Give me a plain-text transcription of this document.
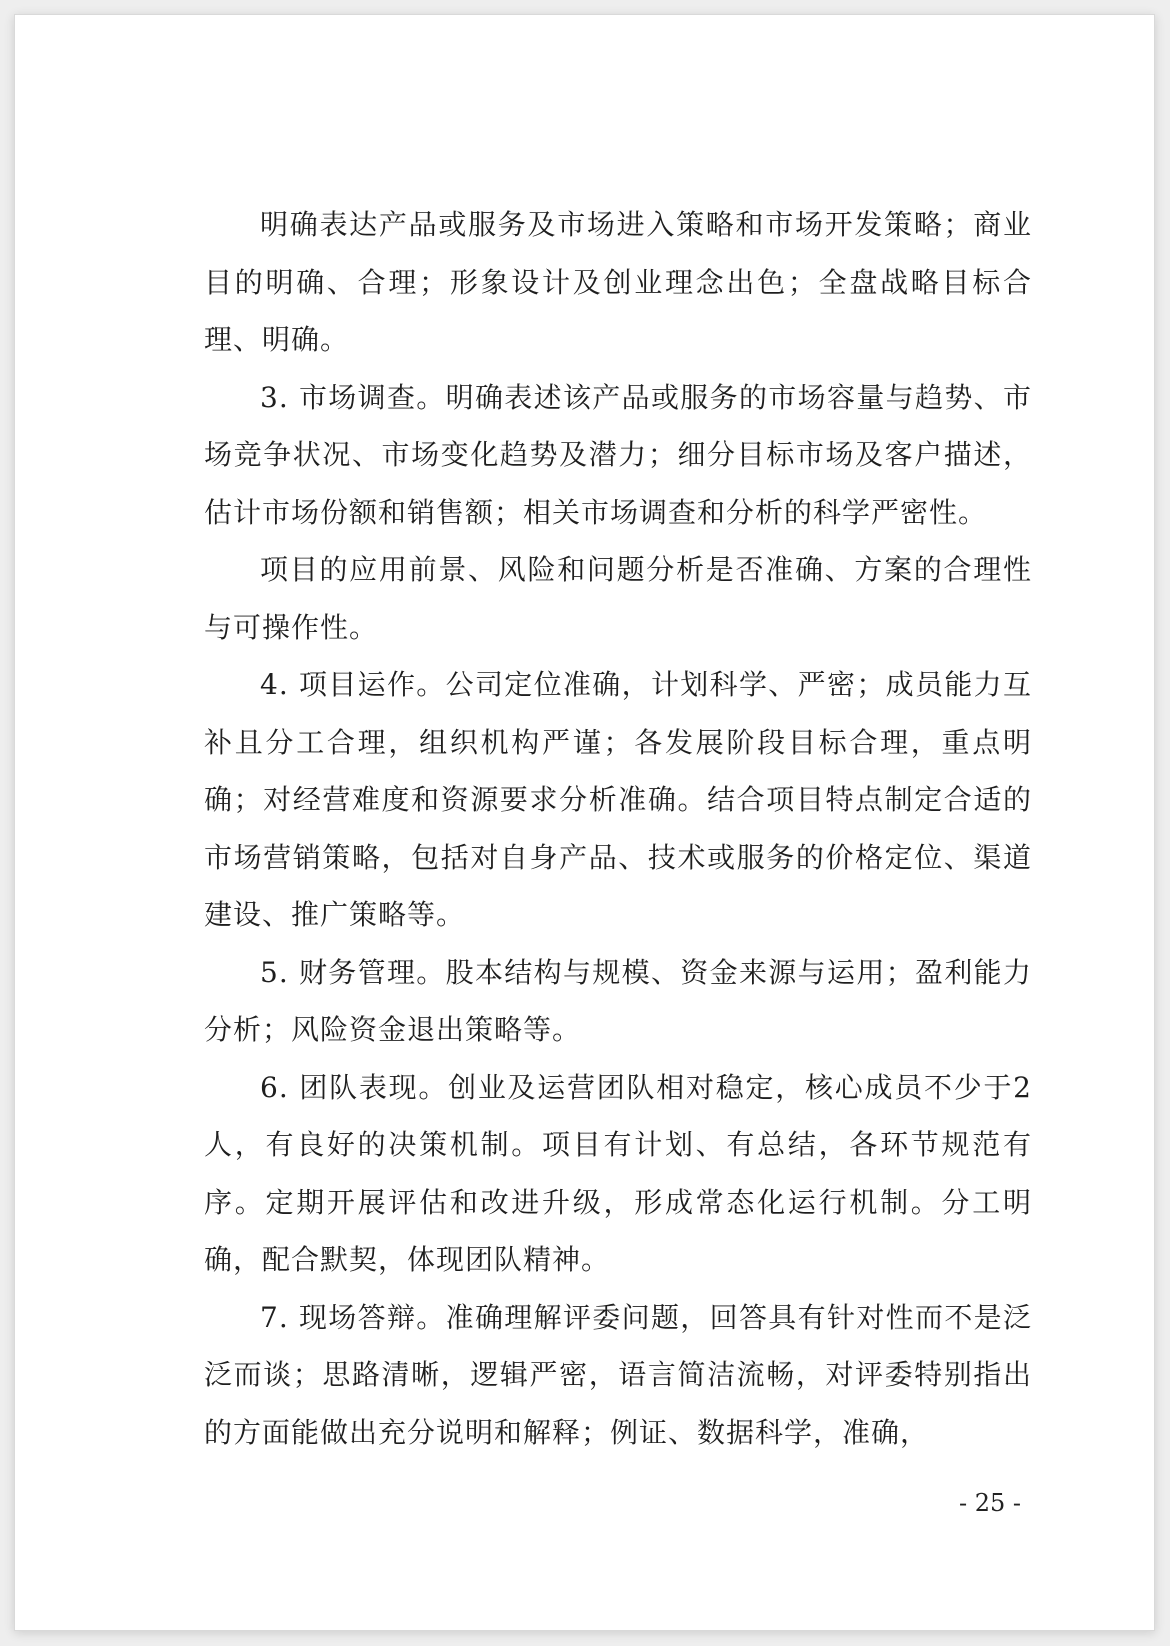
明确表达产品或服务及市场进入策略和市场开发策略；商业目的明确、合理；形象设计及创业理念出色；全盘战略目标合理、明确。

3. 市场调查。明确表述该产品或服务的市场容量与趋势、市场竞争状况、市场变化趋势及潜力；细分目标市场及客户描述，估计市场份额和销售额；相关市场调查和分析的科学严密性。

项目的应用前景、风险和问题分析是否准确、方案的合理性与可操作性。

4. 项目运作。公司定位准确，计划科学、严密；成员能力互补且分工合理，组织机构严谨；各发展阶段目标合理，重点明确；对经营难度和资源要求分析准确。结合项目特点制定合适的市场营销策略，包括对自身产品、技术或服务的价格定位、渠道建设、推广策略等。

5. 财务管理。股本结构与规模、资金来源与运用；盈利能力分析；风险资金退出策略等。

6. 团队表现。创业及运营团队相对稳定，核心成员不少于2人，有良好的决策机制。项目有计划、有总结，各环节规范有序。定期开展评估和改进升级，形成常态化运行机制。分工明确，配合默契，体现团队精神。

7. 现场答辩。准确理解评委问题，回答具有针对性而不是泛泛而谈；思路清晰，逻辑严密，语言简洁流畅，对评委特别指出的方面能做出充分说明和解释；例证、数据科学，准确，

- 25 -
